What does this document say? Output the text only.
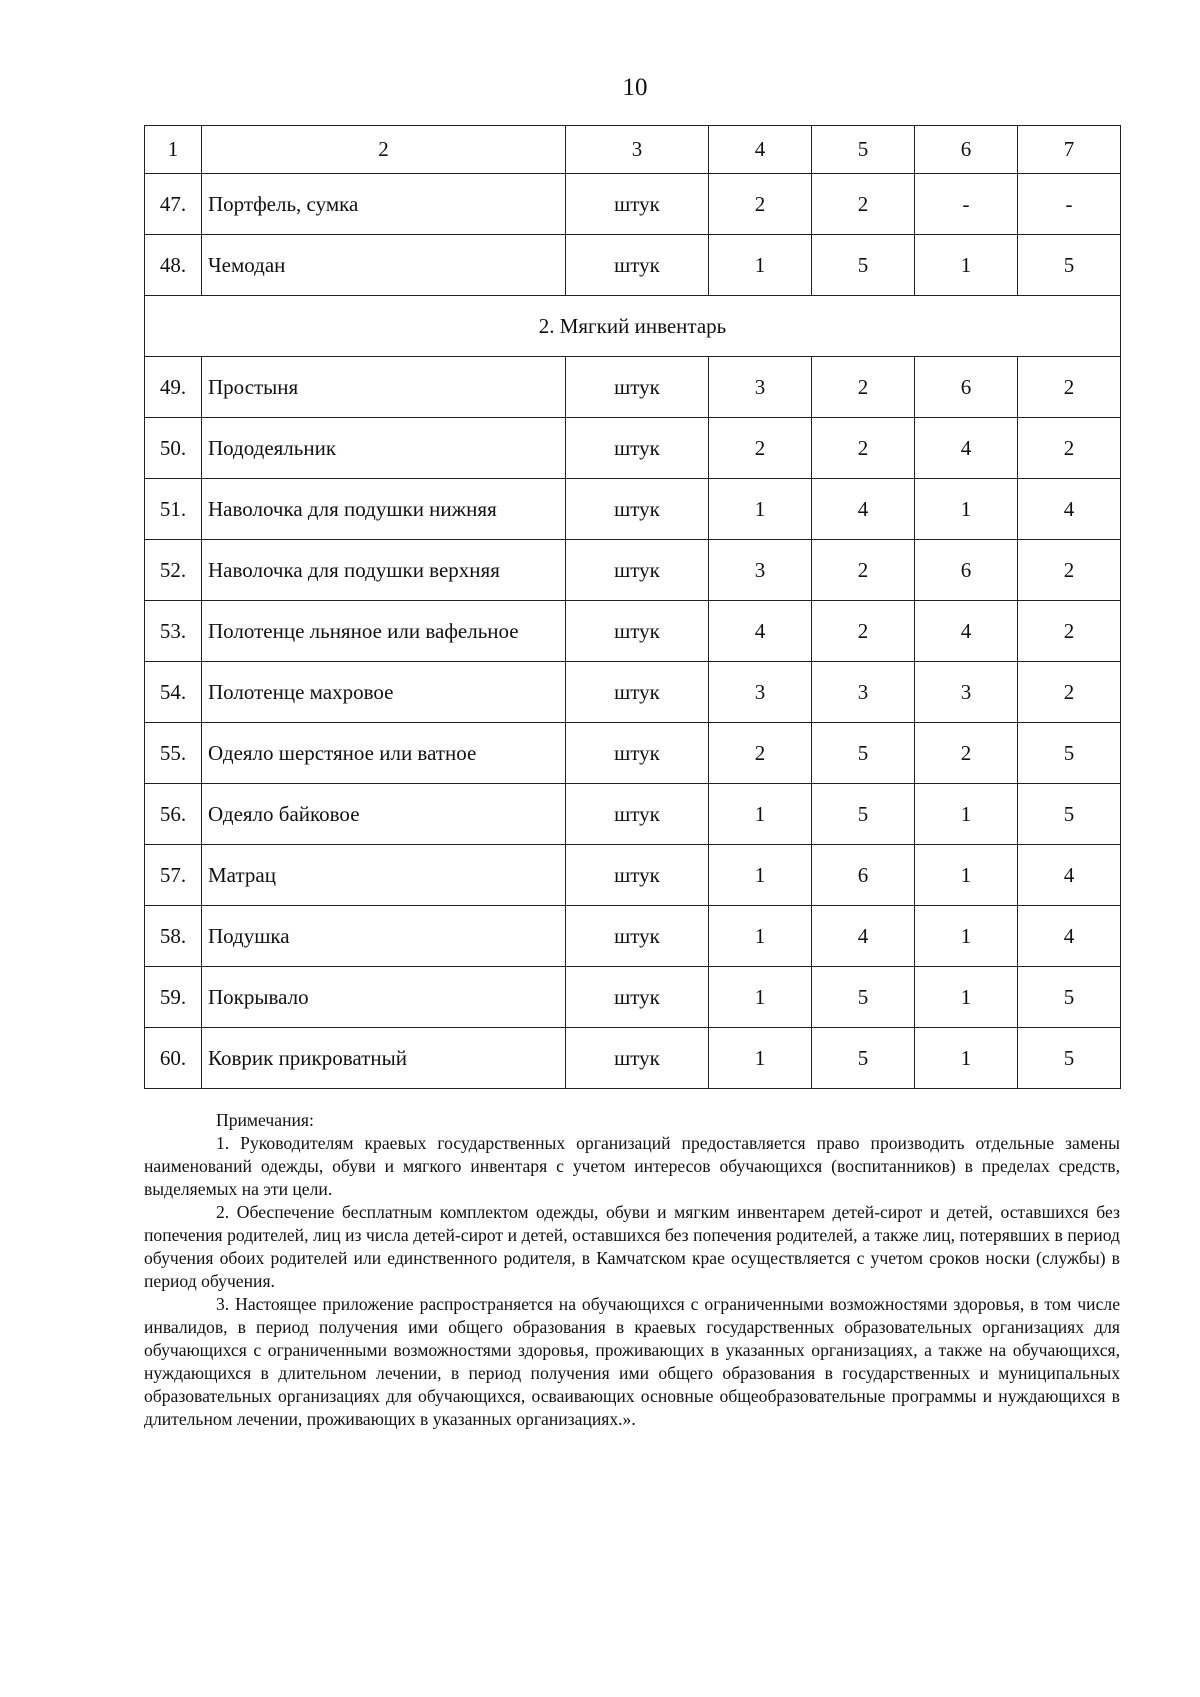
10
1	2	3	4	5	6	7
47.	Портфель, сумка	штук	2	2	-	-
48.	Чемодан	штук	1	5	1	5
2. Мягкий инвентарь						
49.	Простыня	штук	3	2	6	2
50.	Пододеяльник	штук	2	2	4	2
51.	Наволочка для подушки нижняя	штук	1	4	1	4
52.	Наволочка для подушки верхняя	штук	3	2	6	2
53.	Полотенце льняное или вафельное	штук	4	2	4	2
54.	Полотенце махровое	штук	3	3	3	2
55.	Одеяло шерстяное или ватное	штук	2	5	2	5
56.	Одеяло байковое	штук	1	5	1	5
57.	Матрац	штук	1	6	1	4
58.	Подушка	штук	1	4	1	4
59.	Покрывало	штук	1	5	1	5
60.	Коврик прикроватный	штук	1	5	1	5
Примечания:

1. Руководителям краевых государственных организаций предоставляется право производить отдельные замены наименований одежды, обуви и мягкого инвентаря с учетом интересов обучающихся (воспитанников) в пределах средств, выделяемых на эти цели.

2. Обеспечение бесплатным комплектом одежды, обуви и мягким инвентарем детей-сирот и детей, оставшихся без попечения родителей, лиц из числа детей-сирот и детей, оставшихся без попечения родителей, а также лиц, потерявших в период обучения обоих родителей или единственного родителя, в Камчатском крае осуществляется с учетом сроков носки (службы) в период обучения.

3. Настоящее приложение распространяется на обучающихся с ограниченными возможностями здоровья, в том числе инвалидов, в период получения ими общего образования в краевых государственных образовательных организациях для обучающихся с ограниченными возможностями здоровья, проживающих в указанных организациях, а также на обучающихся, нуждающихся в длительном лечении, в период получения ими общего образования в государственных и муниципальных образовательных организациях для обучающихся, осваивающих основные общеобразовательные программы и нуждающихся в длительном лечении, проживающих в указанных организациях.».
